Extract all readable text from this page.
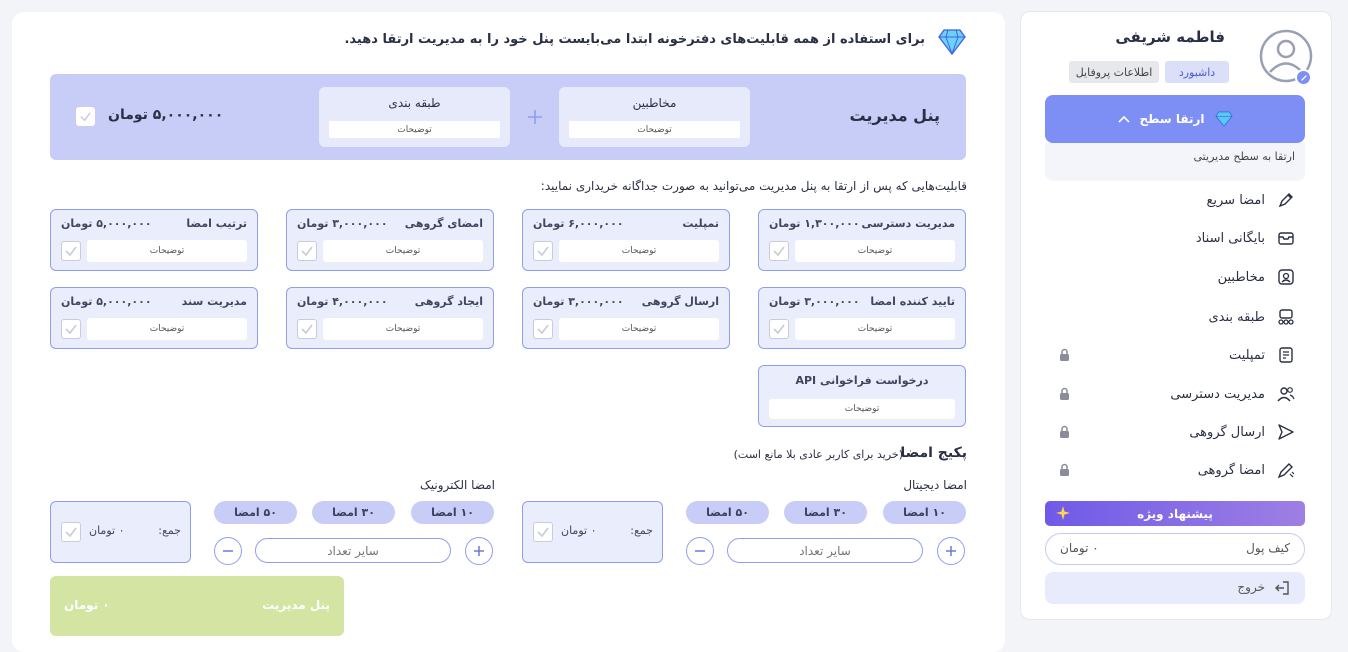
فاطمه شریفی
داشبورد
اطلاعات پروفایل
ارتقا سطح
ارتقا به سطح مدیریتی
امضا سریع
بایگانی اسناد
مخاطبین
طبقه بندی
تمپلیت
مدیریت دسترسی
ارسال گروهی
امضا گروهی
پیشنهاد ویژه
کیف پول
۰ تومان
خروج
برای استفاده از همه قابلیت‌های دفترخونه ابتدا می‌بایست پنل خود را به مدیریت ارتقا دهید.
پنل مدیریت
مخاطبین
توضیحات
طبقه بندی
توضیحات
۵,۰۰۰,۰۰۰ تومان
قابلیت‌هایی که پس از ارتقا به پنل مدیریت می‌توانید به صورت جداگانه خریداری نمایید:
مدیریت دسترسی
۱,۳۰۰,۰۰۰ تومان
توضیحات
تمپلیت
۶,۰۰۰,۰۰۰ تومان
توضیحات
امضای گروهی
۳,۰۰۰,۰۰۰ تومان
توضیحات
ترتیب امضا
۵,۰۰۰,۰۰۰ تومان
توضیحات
تایید کننده امضا
۳,۰۰۰,۰۰۰ تومان
توضیحات
ارسال گروهی
۳,۰۰۰,۰۰۰ تومان
توضیحات
ایجاد گروهی
۴,۰۰۰,۰۰۰ تومان
توضیحات
مدیریت سند
۵,۰۰۰,۰۰۰ تومان
توضیحات
درخواست فراخوانی API
توضیحات
پکیج امضا
(خرید برای کاربر عادی بلا مانع است)
امضا دیجیتال
۱۰ امضا
۳۰ امضا
۵۰ امضا
سایر تعداد
جمع:
۰ تومان
امضا الکترونیک
۱۰ امضا
۳۰ امضا
۵۰ امضا
سایر تعداد
جمع:
۰ تومان
پنل مدیریت
۰ تومان
